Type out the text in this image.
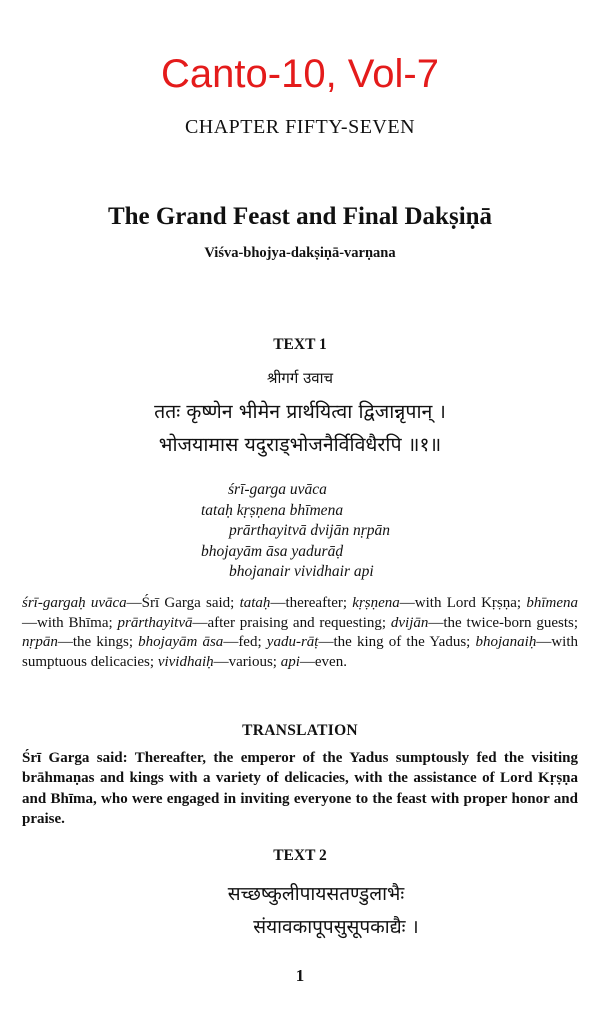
Canto-10, Vol-7
CHAPTER FIFTY-SEVEN
The Grand Feast and Final Dakṣiṇā
Viśva-bhojya-dakṣiṇā-varṇana
TEXT 1
श्रीगर्ग उवाच
ततः कृष्णेन भीमेन प्रार्थयित्वा द्विजान्नृपान् ।
भोजयामास यदुराड्भोजनैर्विविधैरपि ॥१॥
śrī-garga uvāca
tataḥ kṛṣṇena bhīmena
prārthayitvā dvijān nṛpān
bhojayām āsa yadurāḍ
bhojanair vividhair api
śrī-gargaḥ uvāca—Śrī Garga said; tataḥ—thereafter; kṛṣṇena—with Lord Kṛṣṇa; bhīmena—with Bhīma; prārthayitvā—after praising and requesting; dvijān—the twice-born guests; nṛpān—the kings; bhojayām āsa—fed; yadu-rāṭ—the king of the Yadus; bhojanaiḥ—with sumptuous delicacies; vividhaiḥ—various; api—even.
TRANSLATION
Śrī Garga said: Thereafter, the emperor of the Yadus sumptously fed the visiting brāhmaṇas and kings with a variety of delicacies, with the assistance of Lord Kṛṣṇa and Bhīma, who were engaged in inviting everyone to the feast with proper honor and praise.
TEXT 2
सच्छष्कुलीपायसतण्डुलाभैः
संयावकापूपसुसूपकाद्यैः ।
1
